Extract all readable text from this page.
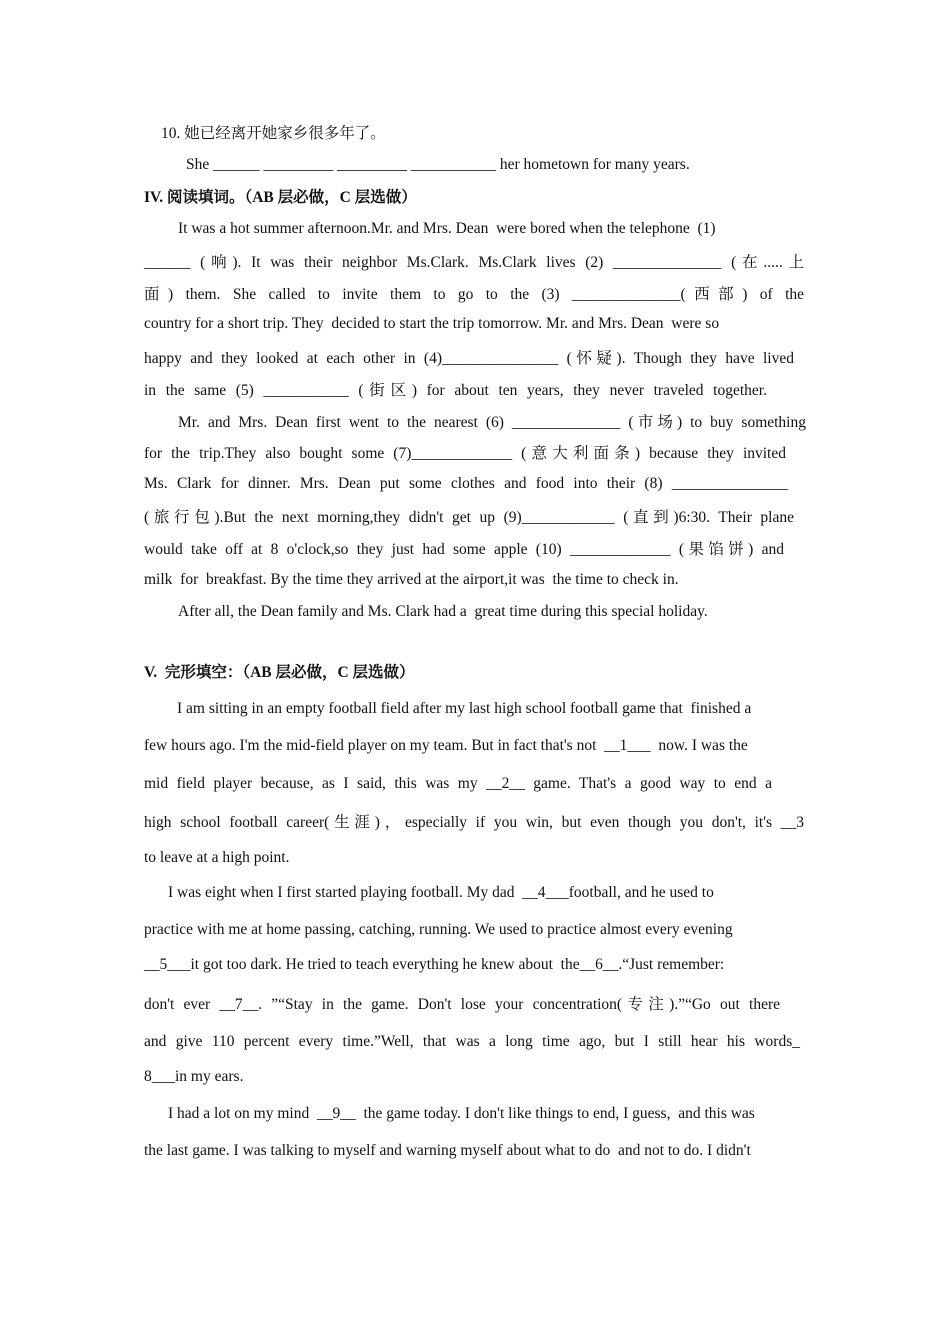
10. 她已经离开她家乡很多年了。
She ______ _________ _________ ___________ her hometown for many years.
IV. 阅读填词。（AB 层必做，C 层选做）
It was a hot summer afternoon.Mr. and Mrs. Dean  were bored when the telephone  (1)
______ (响). It was their neighbor Ms.Clark. Ms.Clark lives (2) ______________ (在.....上
面) them. She called to invite them to go to the (3) ______________(西部) of the
country for a short trip. They  decided to start the trip tomorrow. Mr. and Mrs. Dean  were so
happy and they looked at each other in (4)_______________ (怀疑). Though they have lived
in the same (5) ___________ (街区) for about ten years, they never traveled together.
Mr. and Mrs. Dean first went to the nearest (6) ______________ (市场) to buy something
for the trip.They also bought some (7)_____________ (意大利面条) because they invited
Ms. Clark for dinner. Mrs. Dean put some clothes and food into their (8) _______________
(旅行包).But the next morning,they didn't get up (9)____________ (直到)6:30. Their plane
would take off at 8 o'clock,so they just had some apple (10) _____________ (果馅饼) and
milk  for  breakfast. By the time they arrived at the airport,it was  the time to check in.
After all, the Dean family and Ms. Clark had a  great time during this special holiday.
V.  完形填空：（AB 层必做，C 层选做）
I am sitting in an empty football field after my last high school football game that  finished a
few hours ago. I'm the mid-field player on my team. But in fact that's not  __1___  now. I was the
mid field player because, as I said, this was my __2__ game. That's a good way to end a
high school football career(生涯)，especially if you win, but even though you don't, it's __3
to leave at a high point.
I was eight when I first started playing football. My dad  __4___football, and he used to
practice with me at home passing, catching, running. We used to practice almost every evening
__5___it got too dark. He tried to teach everything he knew about  the__6__.“Just remember:
don't ever __7__. ”“Stay in the game. Don't lose your concentration(专注).”“Go out there
and give 110 percent every time.”Well, that was a long time ago, but I still hear his words_
8___in my ears.
I had a lot on my mind  __9__  the game today. I don't like things to end, I guess,  and this was
the last game. I was talking to myself and warning myself about what to do  and not to do. I didn't
